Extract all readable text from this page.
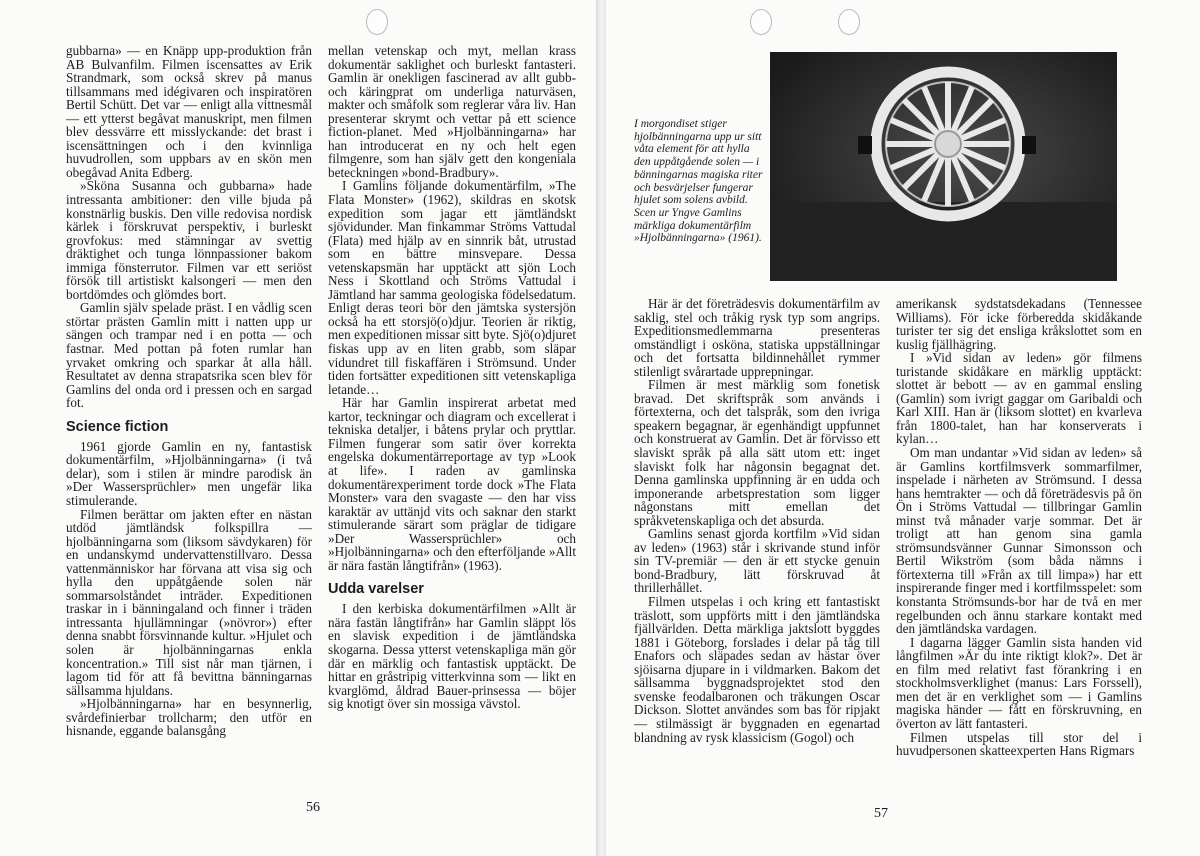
gubbarna» — en Knäpp upp-produktion från AB Bulvanfilm. Filmen iscensattes av Erik Strandmark, som också skrev på manus tillsammans med idégivaren och inspiratören Bertil Schütt. Det var — enligt alla vittnesmål — ett ytterst begåvat manuskript, men filmen blev dessvärre ett misslyckande: det brast i iscensättningen och i den kvinnliga huvudrollen, som uppbars av en skön men obegåvad Anita Edberg.

»Sköna Susanna och gubbarna» hade intressanta ambitioner: den ville bjuda på konstnärlig buskis. Den ville redovisa nordisk kärlek i förskruvat perspektiv, i burleskt grovfokus: med stämningar av svettig dräktighet och tunga lönnpassioner bakom immiga fönsterrutor. Filmen var ett seriöst försök till artistiskt kalsongeri — men den bortdömdes och glömdes bort.

Gamlin själv spelade präst. I en vådlig scen störtar prästen Gamlin mitt i natten upp ur sängen och trampar ned i en potta — och fastnar. Med pottan på foten rumlar han yrvaket omkring och sparkar åt alla håll. Resultatet av denna strapatsrika scen blev för Gamlins del onda ord i pressen och en sargad fot.

Science fiction

1961 gjorde Gamlin en ny, fantastisk dokumentärfilm, »Hjolbänningarna» (i två delar), som i stilen är mindre parodisk än »Der Wassersprüchler» men ungefär lika stimulerande.

Filmen berättar om jakten efter en nästan utdöd jämtländsk folkspillra — hjolbänningarna som (liksom sävdykaren) för en undanskymd undervattenstillvaro. Dessa vattenmänniskor har förvana att visa sig och hylla den uppåtgående solen när sommarsolståndet inträder. Expeditionen traskar in i bänningaland och finner i träden intressanta hjullämningar (»növror») efter denna snabbt försvinnande kultur. »Hjulet och solen är hjolbänningarnas enkla koncentration.» Till sist når man tjärnen, i lagom tid för att få bevittna bänningarnas sällsamma hjuldans.

»Hjolbänningarna» har en besynnerlig, svårdefinierbar trollcharm; den utför en hisnande, eggande balansgång

mellan vetenskap och myt, mellan krass dokumentär saklighet och burleskt fantasteri. Gamlin är onekligen fascinerad av allt gubb- och käringprat om underliga naturväsen, makter och småfolk som reglerar våra liv. Han presenterar skrymt och vettar på ett science fiction-planet. Med »Hjolbänningarna» har han introducerat en ny och helt egen filmgenre, som han själv gett den kongeniala beteckningen »bond-Bradbury».

I Gamlins följande dokumentärfilm, »The Flata Monster» (1962), skildras en skotsk expedition som jagar ett jämtländskt sjövidunder. Man finkammar Ströms Vattudal (Flata) med hjälp av en sinnrik båt, utrustad som en bättre minsvepare. Dessa vetenskapsmän har upptäckt att sjön Loch Ness i Skottland och Ströms Vattudal i Jämtland har samma geologiska födelsedatum. Enligt deras teori bör den jämtska systersjön också ha ett storsjö(o)djur. Teorien är riktig, men expeditionen missar sitt byte. Sjö(o)djuret fiskas upp av en liten grabb, som släpar vidundret till fiskaffären i Strömsund. Under tiden fortsätter expeditionen sitt vetenskapliga letande…

Här har Gamlin inspirerat arbetat med kartor, teckningar och diagram och excellerat i tekniska detaljer, i båtens prylar och pryttlar. Filmen fungerar som satir över korrekta engelska dokumentärreportage av typ »Look at life». I raden av gamlinska dokumentärexperiment torde dock »The Flata Monster» vara den svagaste — den har viss karaktär av uttänjd vits och saknar den starkt stimulerande särart som präglar de tidigare »Der Wassersprüchler» och »Hjolbänningarna» och den efterföljande »Allt är nära fastän långtifrån» (1963).

Udda varelser

I den kerbiska dokumentärfilmen »Allt är nära fastän långtifrån» har Gamlin släppt lös en slavisk expedition i de jämtländska skogarna. Dessa ytterst vetenskapliga män gör där en märklig och fantastisk upptäckt. De hittar en gråstripig vitterkvinna som — likt en kvarglömd, åldrad Bauer-prinsessa — böjer sig knotigt över sin mossiga vävstol.

56	57
I morgondiset stiger hjolbänningarna upp ur sitt våta element för att hylla den uppåtgående solen — i bänningarnas magiska riter och besvärjelser fungerar hjulet som solens avbild. Scen ur Yngve Gamlins märkliga dokumentärfilm »Hjolbänningarna» (1961).

Här är det företrädesvis dokumentärfilm av saklig, stel och tråkig rysk typ som angrips. Expeditionsmedlemmarna presenteras omständligt i osköna, statiska uppställningar och det fortsatta bildinnehållet rymmer stilenligt svårartade upprepningar.

Filmen är mest märklig som fonetisk bravad. Det skriftspråk som används i förtexterna, och det talspråk, som den ivriga speakern begagnar, är egenhändigt uppfunnet och konstruerat av Gamlin. Det är förvisso ett slaviskt språk på alla sätt utom ett: inget slaviskt folk har någonsin begagnat det. Denna gamlinska uppfinning är en udda och imponerande arbetsprestation som ligger någonstans mitt emellan det språkvetenskapliga och det absurda.

Gamlins senast gjorda kortfilm »Vid sidan av leden» (1963) står i skrivande stund inför sin TV-premiär — den är ett stycke genuin bond-Bradbury, lätt förskruvad åt thrillerhållet.

Filmen utspelas i och kring ett fantastiskt träslott, som uppförts mitt i den jämtländska fjällvärlden. Detta märkliga jaktslott byggdes 1881 i Göteborg, forslades i delar på tåg till Enafors och släpades sedan av hästar över sjöisarna djupare in i vildmarken. Bakom det sällsamma byggnadsprojektet stod den svenske feodalbaronen och träkungen Oscar Dickson. Slottet användes som bas för ripjakt — stilmässigt är byggnaden en egenartad blandning av rysk klassicism (Gogol) och

amerikansk sydstatsdekadans (Tennessee Williams). För icke förberedda skidåkande turister ter sig det ensliga kråkslottet som en kuslig fjällhägring.

I »Vid sidan av leden» gör filmens turistande skidåkare en märklig upptäckt: slottet är bebott — av en gammal ensling (Gamlin) som ivrigt gaggar om Garibaldi och Karl XIII. Han är (liksom slottet) en kvarleva från 1800-talet, han har konserverats i kylan…

Om man undantar »Vid sidan av leden» så är Gamlins kortfilmsverk sommarfilmer, inspelade i närheten av Strömsund. I dessa hans hemtrakter — och då företrädesvis på ön Ön i Ströms Vattudal — tillbringar Gamlin minst två månader varje sommar. Det är troligt att han genom sina gamla strömsundsvänner Gunnar Simonsson och Bertil Wikström (som båda nämns i förtexterna till »Från ax till limpa») har ett inspirerande finger med i kortfilmsspelet: som konstanta Strömsunds-bor har de två en mer regelbunden och ännu starkare kontakt med den jämtländska vardagen.

I dagarna lägger Gamlin sista handen vid långfilmen »Är du inte riktigt klok?». Det är en film med relativt fast förankring i en stockholmsverklighet (manus: Lars Forssell), men det är en verklighet som — i Gamlins magiska händer — fått en förskruvning, en överton av lätt fantasteri.

Filmen utspelas till stor del i huvudpersonen skatteexperten Hans Rigmars
